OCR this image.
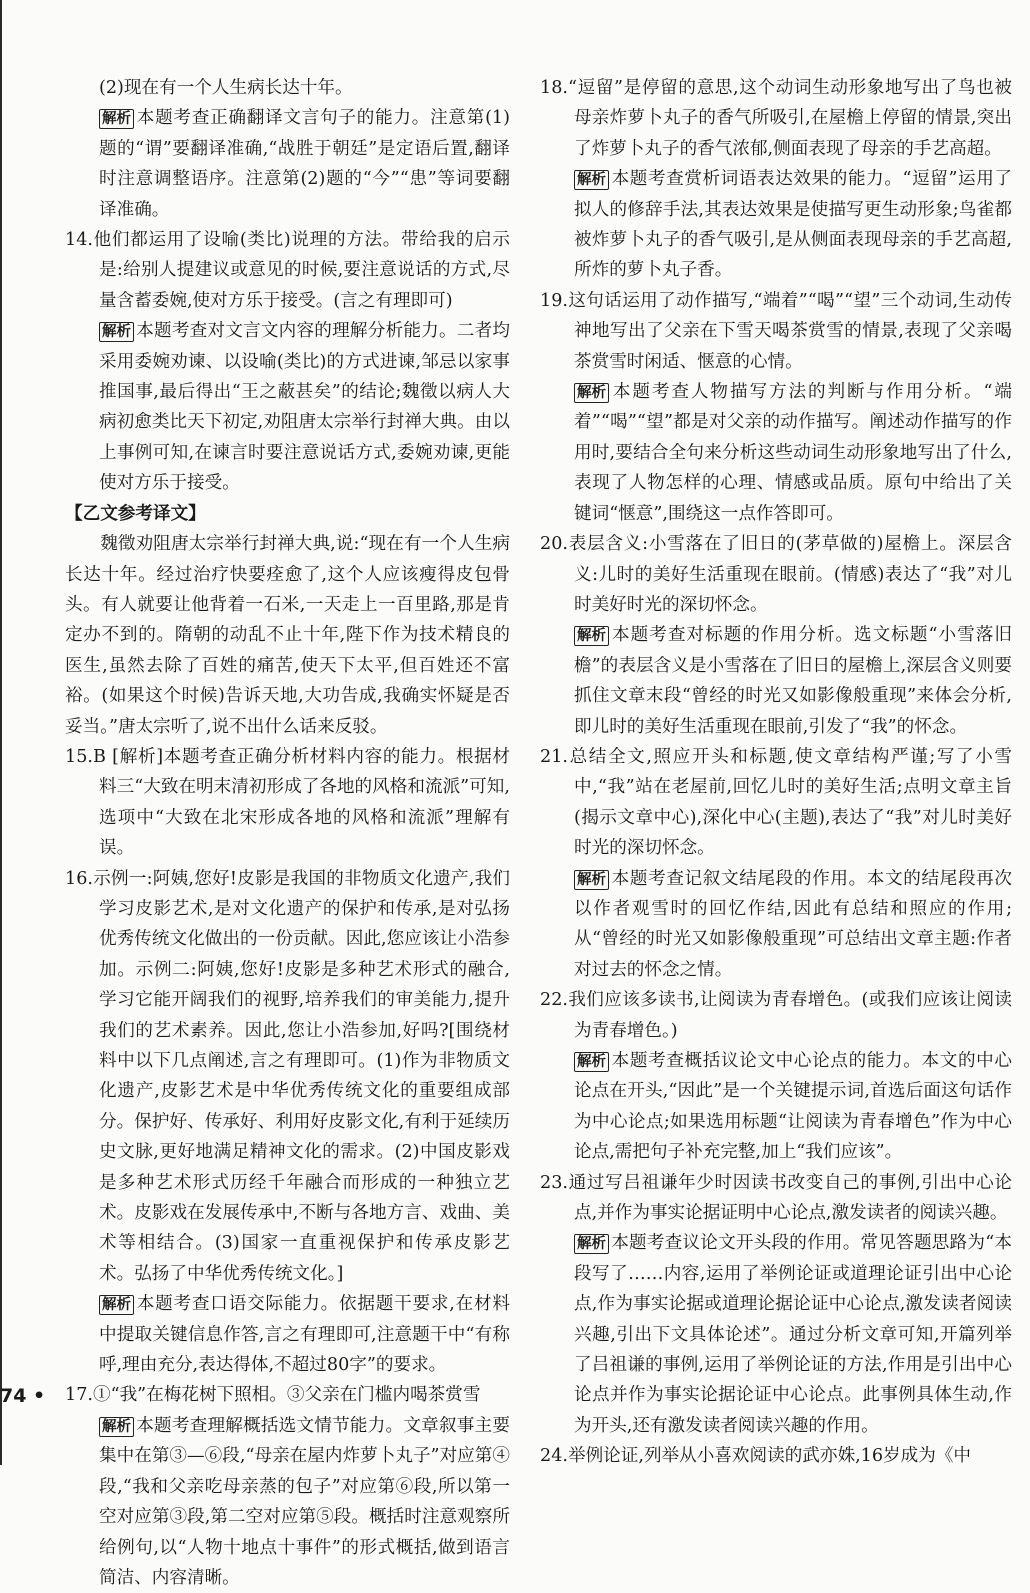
(2)现在有一个人生病长达十年。

解析 本题考查正确翻译文言句子的能力。注意第(1)题的“谓”要翻译准确,“战胜于朝廷”是定语后置,翻译时注意调整语序。注意第(2)题的“今”“患”等词要翻译准确。

14.他们都运用了设喻(类比)说理的方法。带给我的启示是:给别人提建议或意见的时候,要注意说话的方式,尽量含蓄委婉,使对方乐于接受。(言之有理即可)

解析 本题考查对文言文内容的理解分析能力。二者均采用委婉劝谏、以设喻(类比)的方式进谏,邹忌以家事推国事,最后得出“王之蔽甚矣”的结论;魏徵以病人大病初愈类比天下初定,劝阻唐太宗举行封禅大典。由以上事例可知,在谏言时要注意说话方式,委婉劝谏,更能使对方乐于接受。

【乙文参考译文】

魏徵劝阻唐太宗举行封禅大典,说:“现在有一个人生病长达十年。经过治疗快要痊愈了,这个人应该瘦得皮包骨头。有人就要让他背着一石米,一天走上一百里路,那是肯定办不到的。隋朝的动乱不止十年,陛下作为技术精良的医生,虽然去除了百姓的痛苦,使天下太平,但百姓还不富裕。(如果这个时候)告诉天地,大功告成,我确实怀疑是否妥当。”唐太宗听了,说不出什么话来反驳。

15.B [解析]本题考查正确分析材料内容的能力。根据材料三“大致在明末清初形成了各地的风格和流派”可知,选项中“大致在北宋形成各地的风格和流派”理解有误。

16.示例一:阿姨,您好!皮影是我国的非物质文化遗产,我们学习皮影艺术,是对文化遗产的保护和传承,是对弘扬优秀传统文化做出的一份贡献。因此,您应该让小浩参加。示例二:阿姨,您好!皮影是多种艺术形式的融合,学习它能开阔我们的视野,培养我们的审美能力,提升我们的艺术素养。因此,您让小浩参加,好吗?[围绕材料中以下几点阐述,言之有理即可。(1)作为非物质文化遗产,皮影艺术是中华优秀传统文化的重要组成部分。保护好、传承好、利用好皮影文化,有利于延续历史文脉,更好地满足精神文化的需求。(2)中国皮影戏是多种艺术形式历经千年融合而形成的一种独立艺术。皮影戏在发展传承中,不断与各地方言、戏曲、美术等相结合。(3)国家一直重视保护和传承皮影艺术。弘扬了中华优秀传统文化。]

解析 本题考查口语交际能力。依据题干要求,在材料中提取关键信息作答,言之有理即可,注意题干中“有称呼,理由充分,表达得体,不超过80字”的要求。

17.①“我”在梅花树下照相。③父亲在门槛内喝茶赏雪

解析 本题考查理解概括选文情节能力。文章叙事主要集中在第③—⑥段,“母亲在屋内炸萝卜丸子”对应第④段,“我和父亲吃母亲蒸的包子”对应第⑥段,所以第一空对应第③段,第二空对应第⑤段。概括时注意观察所给例句,以“人物十地点十事件”的形式概括,做到语言简洁、内容清晰。

18.“逗留”是停留的意思,这个动词生动形象地写出了鸟也被母亲炸萝卜丸子的香气所吸引,在屋檐上停留的情景,突出了炸萝卜丸子的香气浓郁,侧面表现了母亲的手艺高超。

解析 本题考查赏析词语表达效果的能力。“逗留”运用了拟人的修辞手法,其表达效果是使描写更生动形象;鸟雀都被炸萝卜丸子的香气吸引,是从侧面表现母亲的手艺高超,所炸的萝卜丸子香。

19.这句话运用了动作描写,“端着”“喝”“望”三个动词,生动传神地写出了父亲在下雪天喝茶赏雪的情景,表现了父亲喝茶赏雪时闲适、惬意的心情。

解析 本题考查人物描写方法的判断与作用分析。“端着”“喝”“望”都是对父亲的动作描写。阐述动作描写的作用时,要结合全句来分析这些动词生动形象地写出了什么,表现了人物怎样的心理、情感或品质。原句中给出了关键词“惬意”,围绕这一点作答即可。

20.表层含义:小雪落在了旧日的(茅草做的)屋檐上。深层含义:儿时的美好生活重现在眼前。(情感)表达了“我”对儿时美好时光的深切怀念。

解析 本题考查对标题的作用分析。选文标题“小雪落旧檐”的表层含义是小雪落在了旧日的屋檐上,深层含义则要抓住文章末段“曾经的时光又如影像般重现”来体会分析,即儿时的美好生活重现在眼前,引发了“我”的怀念。

21.总结全文,照应开头和标题,使文章结构严谨;写了小雪中,“我”站在老屋前,回忆儿时的美好生活;点明文章主旨(揭示文章中心),深化中心(主题),表达了“我”对儿时美好时光的深切怀念。

解析 本题考查记叙文结尾段的作用。本文的结尾段再次以作者观雪时的回忆作结,因此有总结和照应的作用;从“曾经的时光又如影像般重现”可总结出文章主题:作者对过去的怀念之情。

22.我们应该多读书,让阅读为青春增色。(或我们应该让阅读为青春增色。)

解析 本题考查概括议论文中心论点的能力。本文的中心论点在开头,“因此”是一个关键提示词,首选后面这句话作为中心论点;如果选用标题“让阅读为青春增色”作为中心论点,需把句子补充完整,加上“我们应该”。

23.通过写吕祖谦年少时因读书改变自己的事例,引出中心论点,并作为事实论据证明中心论点,激发读者的阅读兴趣。

解析 本题考查议论文开头段的作用。常见答题思路为“本段写了……内容,运用了举例论证或道理论证引出中心论点,作为事实论据或道理论据论证中心论点,激发读者阅读兴趣,引出下文具体论述”。通过分析文章可知,开篇列举了吕祖谦的事例,运用了举例论证的方法,作用是引出中心论点并作为事实论据论证中心论点。此事例具体生动,作为开头,还有激发读者阅读兴趣的作用。

24.举例论证,列举从小喜欢阅读的武亦姝,16岁成为《中

74 •
